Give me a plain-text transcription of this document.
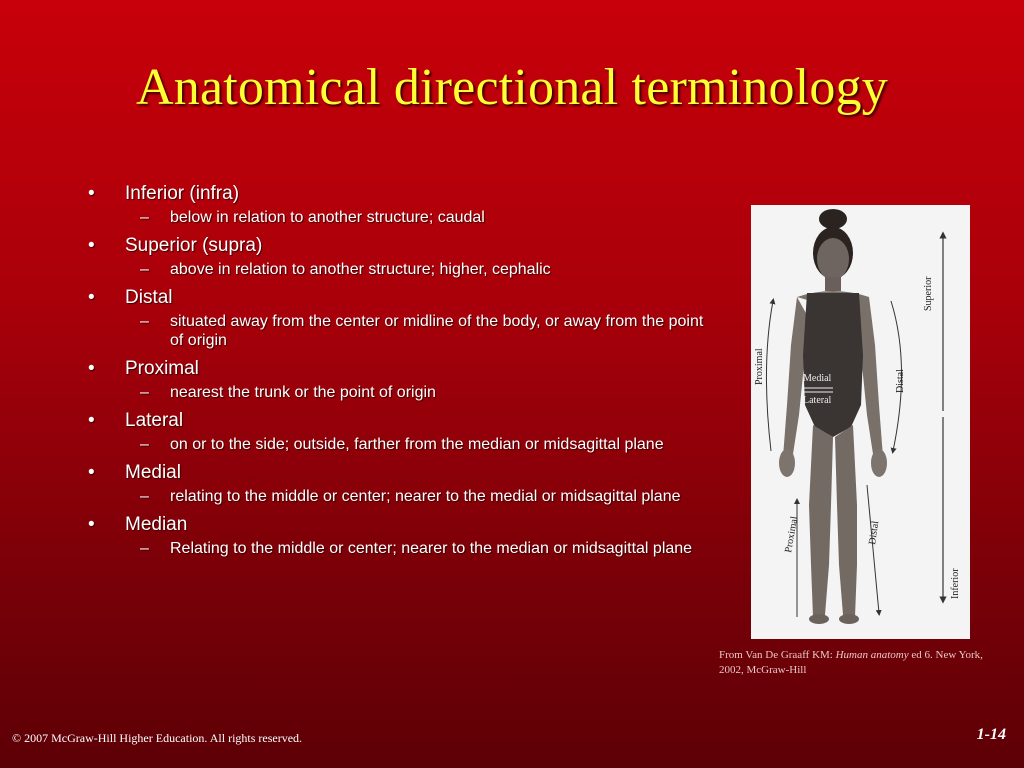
Anatomical directional terminology
• Inferior (infra)
– below in relation to another structure; caudal
• Superior (supra)
– above in relation to another structure; higher, cephalic
• Distal
– situated away from the center or midline of the body, or away from the point of origin
• Proximal
– nearest the trunk or the point of origin
• Lateral
– on or to the side; outside, farther from the median or midsagittal plane
• Medial
– relating to the middle or center; nearer to the medial or midsagittal plane
• Median
– Relating to the middle or center; nearer to the median or midsagittal plane
Superior
Inferior
Proximal	Distal
Proximal	Distal
Medial
Lateral
From Van De Graaff KM: Human anatomy ed 6. New York, 2002, McGraw-Hill
© 2007 McGraw-Hill Higher Education. All rights reserved.	1-14
